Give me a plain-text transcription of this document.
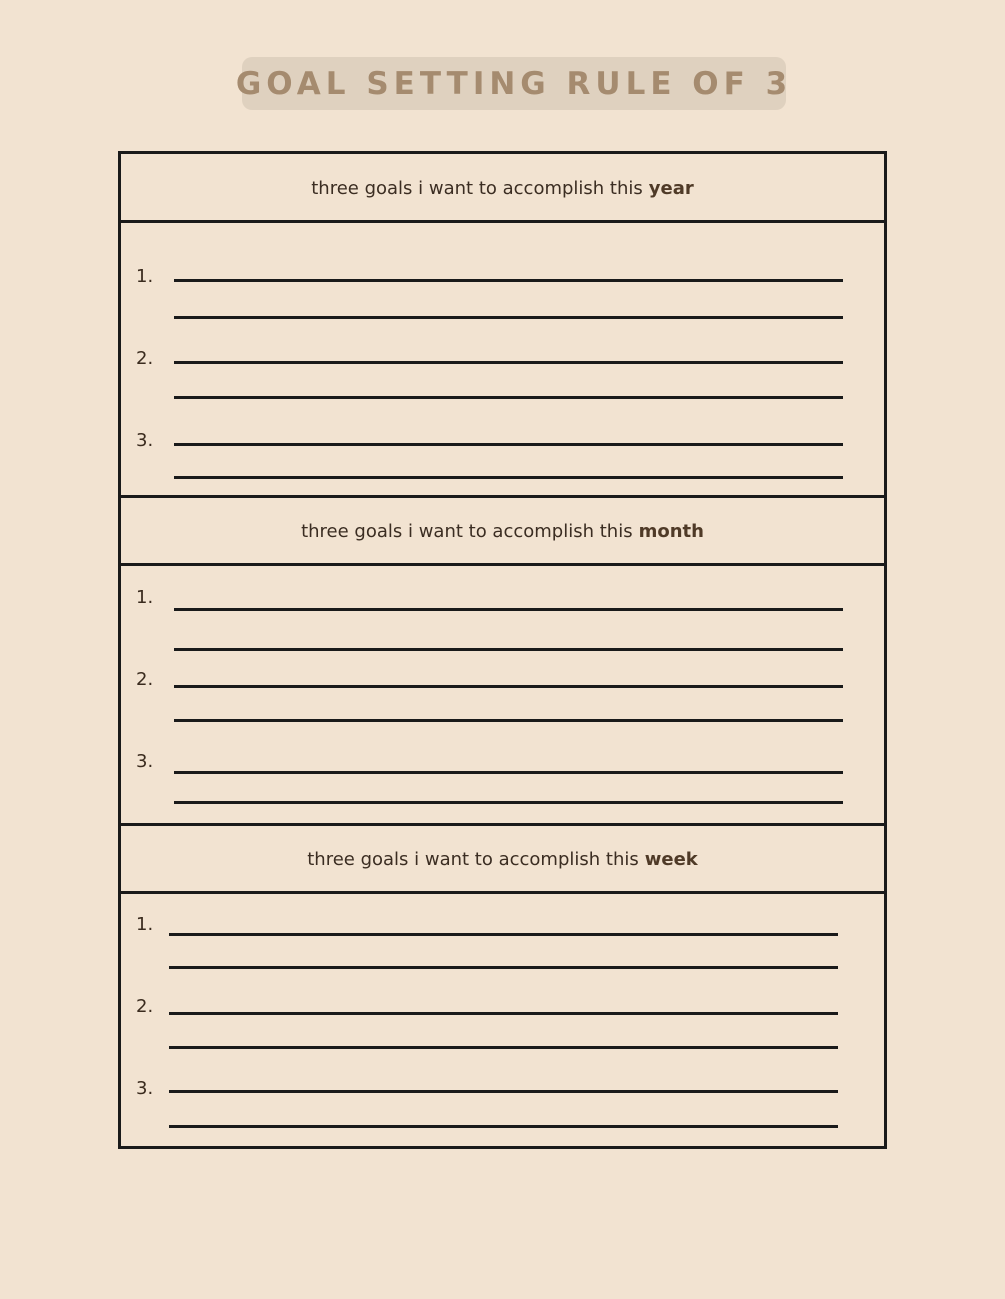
GOAL SETTING RULE OF 3
three goals i want to accomplish this year
1.
2.
3.
three goals i want to accomplish this month
1.
2.
3.
three goals i want to accomplish this week
1.
2.
3.
